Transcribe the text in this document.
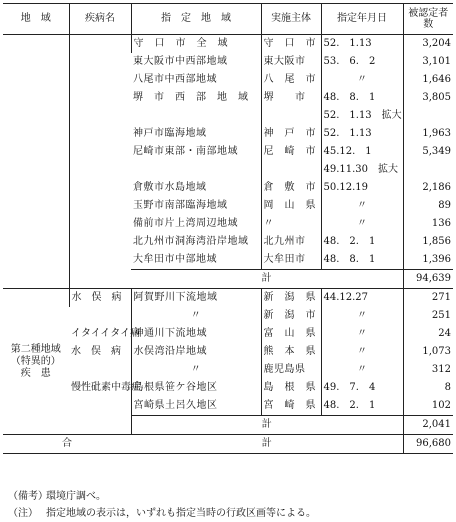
地　域	疾病名	指　定　地　域	実施主体	指定年月日	被認定者数
		守　口　市　全　域	守　口　市	52.　1.13	3,204
		東大阪市中西部地域	東大阪市	53.　6.　2	3,101
		八尾市中西部地域	八　尾　市	〃	1,646
		堺　市　西　部　地　域	堺　　市	48.　8.　1	3,805
				52.　1.13　拡大	
		神戸市臨海地域	神　戸　市	52.　1.13	1,963
		尼崎市東部・南部地域	尼　崎　市	45.12.　1	5,349
				49.11.30　拡大	
		倉敷市水島地域	倉　敷　市	50.12.19	2,186
		玉野市南部臨海地域	岡　山　県	〃	89
		備前市片上湾周辺地域	〃	〃	136
		北九州市洞海湾沿岸地域	北九州市	48.　2.　1	1,856
		大牟田市中部地域	大牟田市	48.　8.　1	1,396
		計			94,639

第二種地域
（特異的）
疾　患	水　俣　病	阿賀野川下流地域	新　潟　県	44.12.27	271
		〃	新　潟　市	〃	251
	イタイイタイ病	神通川下流地域	富　山　県	〃	24
	水　俣　病	水俣湾沿岸地域	熊　本　県	〃	1,073
		〃	鹿児島県	〃	312
	慢性砒素中毒症	島根県笹ケ谷地区	島　根　県	49.　7.　4	8
		宮崎県土呂久地区	宮　崎　県	48.　2.　1	102
		計			2,041
合		計			96,680
（備考）環境庁調べ。
（注） 指定地域の表示は，いずれも指定当時の行政区画等による。
